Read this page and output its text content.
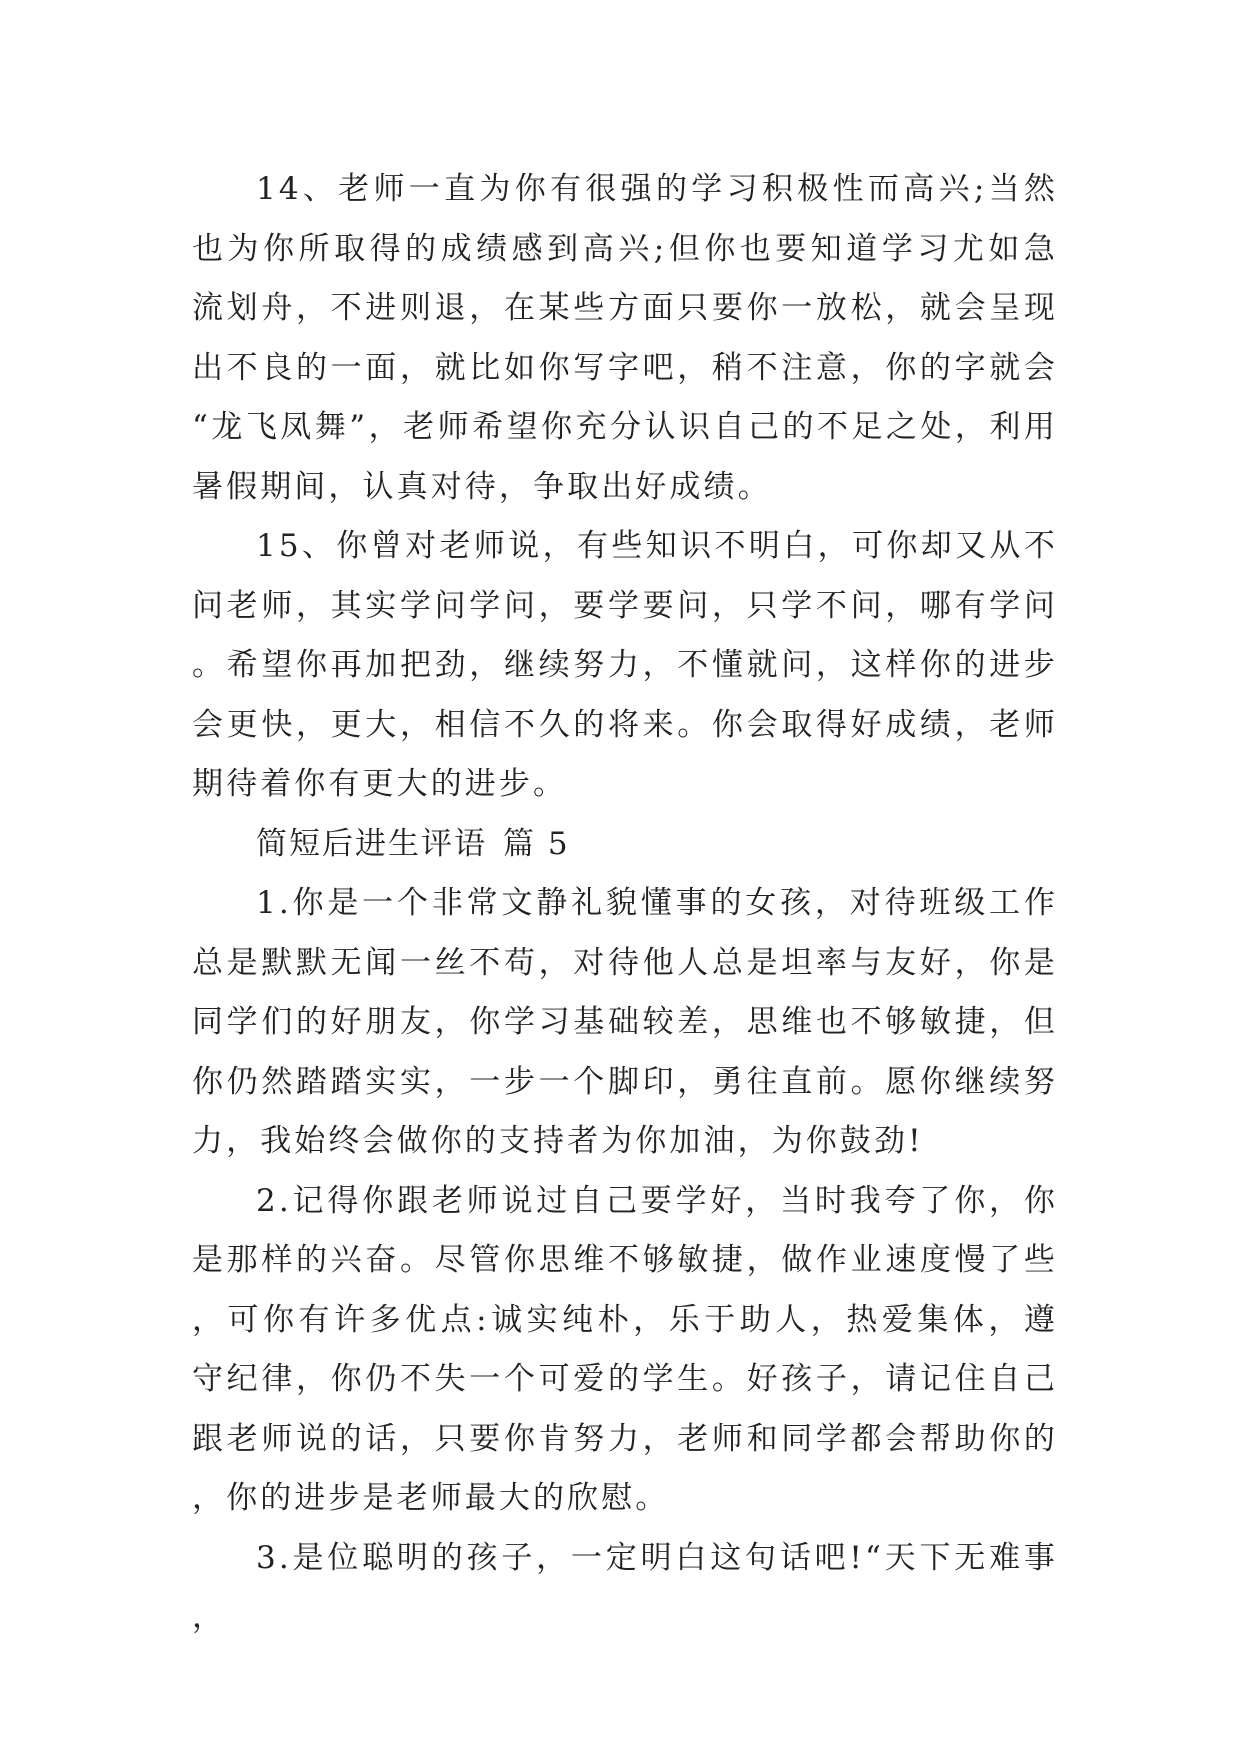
14、老师一直为你有很强的学习积极性而高兴;当然也为你所取得的成绩感到高兴;但你也要知道学习尤如急流划舟，不进则退，在某些方面只要你一放松，就会呈现出不良的一面，就比如你写字吧，稍不注意，你的字就会“龙飞凤舞”，老师希望你充分认识自己的不足之处，利用暑假期间，认真对待，争取出好成绩。

15、你曾对老师说，有些知识不明白，可你却又从不问老师，其实学问学问，要学要问，只学不问，哪有学问。希望你再加把劲，继续努力，不懂就问，这样你的进步会更快，更大，相信不久的将来。你会取得好成绩，老师期待着你有更大的进步。

简短后进生评语 篇 5

1.你是一个非常文静礼貌懂事的女孩，对待班级工作总是默默无闻一丝不苟，对待他人总是坦率与友好，你是同学们的好朋友，你学习基础较差，思维也不够敏捷，但你仍然踏踏实实，一步一个脚印，勇往直前。愿你继续努力，我始终会做你的支持者为你加油，为你鼓劲!

2.记得你跟老师说过自己要学好，当时我夸了你，你是那样的兴奋。尽管你思维不够敏捷，做作业速度慢了些，可你有许多优点:诚实纯朴，乐于助人，热爱集体，遵守纪律，你仍不失一个可爱的学生。好孩子，请记住自己跟老师说的话，只要你肯努力，老师和同学都会帮助你的，你的进步是老师最大的欣慰。

3.是位聪明的孩子，一定明白这句话吧!“天下无难事，
